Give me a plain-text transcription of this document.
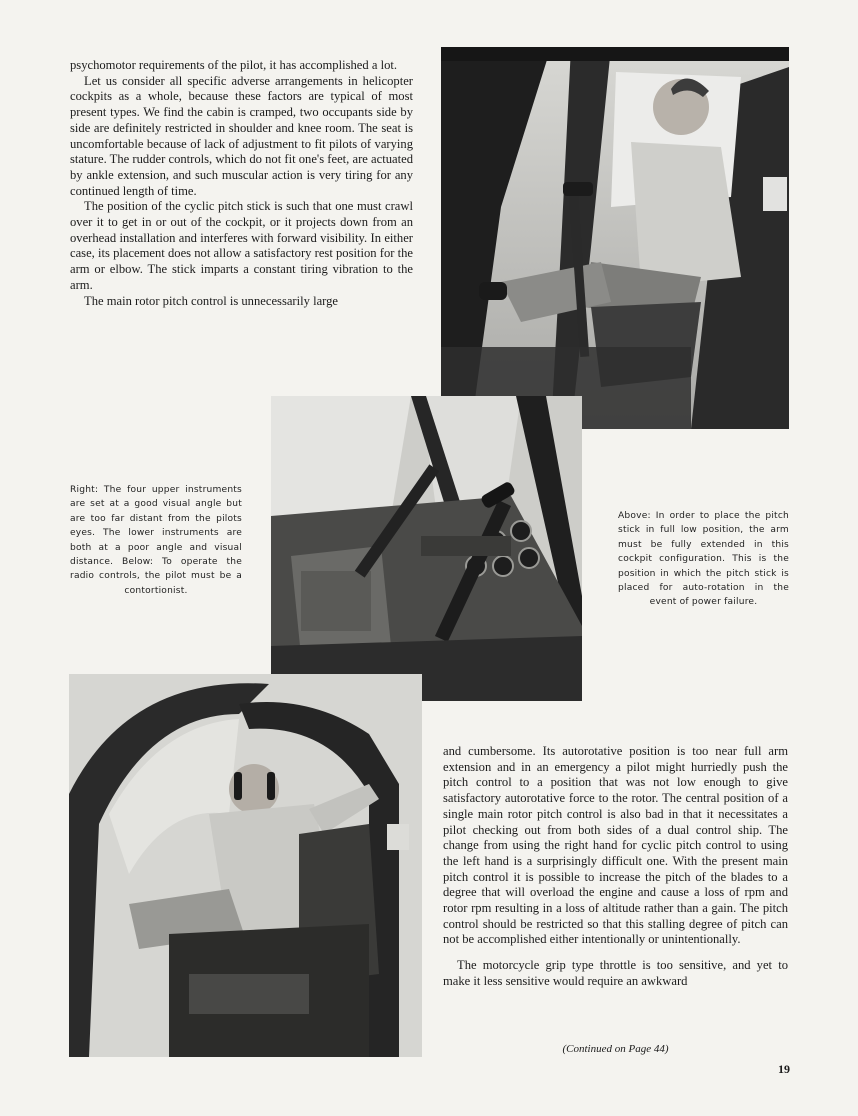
psychomotor requirements of the pilot, it has accomplished a lot.

Let us consider all specific adverse arrangements in helicopter cockpits as a whole, because these factors are typical of most present types. We find the cabin is cramped, two occupants side by side are definitely restricted in shoulder and knee room. The seat is uncomfortable because of lack of adjustment to fit pilots of varying stature. The rudder controls, which do not fit one's feet, are actuated by ankle extension, and such muscular action is very tiring for any continued length of time.

The position of the cyclic pitch stick is such that one must crawl over it to get in or out of the cockpit, or it projects down from an overhead installation and interferes with forward visibility. In either case, its placement does not allow a satisfactory rest position for the arm or elbow. The stick imparts a constant tiring vibration to the arm.

The main rotor pitch control is unnecessarily large

Right: The four upper instruments are set at a good visual angle but are too far distant from the pilots eyes. The lower instruments are both at a poor angle and visual distance. Below: To operate the radio controls, the pilot must be a contortionist.
Above: In order to place the pitch stick in full low position, the arm must be fully extended in this cockpit configuration. This is the position in which the pitch stick is placed for auto-rotation in the event of power failure.

and cumbersome. Its autorotative position is too near full arm extension and in an emergency a pilot might hurriedly push the pitch control to a position that was not low enough to give satisfactory autorotative force to the rotor. The central position of a single main rotor pitch control is also bad in that it necessitates a pilot checking out from both sides of a dual control ship. The change from using the right hand for cyclic pitch control to using the left hand is a surprisingly difficult one. With the present main pitch control it is possible to increase the pitch of the blades to a degree that will overload the engine and cause a loss of rpm and rotor rpm resulting in a loss of altitude rather than a gain. The pitch control should be restricted so that this stalling degree of pitch can not be accomplished either intentionally or unintentionally.

The motorcycle grip type throttle is too sensitive, and yet to make it less sensitive would require an awkward

(Continued on Page 44)
19
